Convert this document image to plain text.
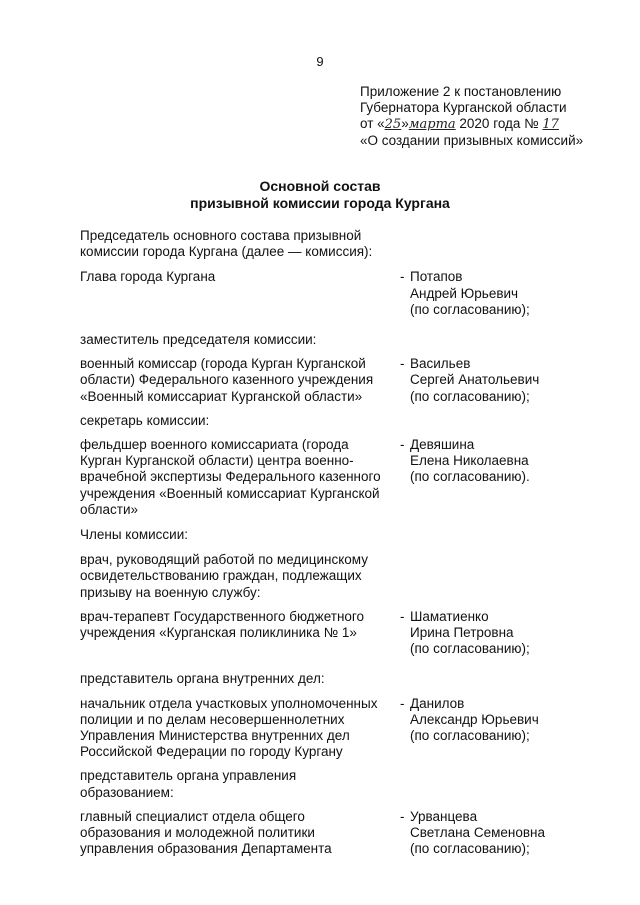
9
Приложение 2 к постановлению
Губернатора Курганской области
от «25»марта 2020 года № 17
«О создании призывных комиссий»
Основной состав
призывной комиссии города Кургана
Председатель основного состава призывной
комиссии города Кургана (далее — комиссия):
Глава города Кургана	- Потапов
Андрей Юрьевич
(по согласованию);
заместитель председателя комиссии:
военный комиссар (города Курган Курганской
области) Федерального казенного учреждения
«Военный комиссариат Курганской области»
- Васильев
Сергей Анатольевич
(по согласованию);
секретарь комиссии:
фельдшер военного комиссариата (города
Курган Курганской области) центра военно-
врачебной экспертизы Федерального казенного
учреждения «Военный комиссариат Курганской
области»
- Девяшина
Елена Николаевна
(по согласованию).
Члены комиссии:
врач, руководящий работой по медицинскому
освидетельствованию граждан, подлежащих
призыву на военную службу:
врач-терапевт Государственного бюджетного
учреждения «Курганская поликлиника № 1»
- Шаматиенко
Ирина Петровна
(по согласованию);
представитель органа внутренних дел:
начальник отдела участковых уполномоченных
полиции и по делам несовершеннолетних
Управления Министерства внутренних дел
Российской Федерации по городу Кургану
- Данилов
Александр Юрьевич
(по согласованию);
представитель органа управления
образованием:
главный специалист отдела общего
образования и молодежной политики
управления образования Департамента
- Урванцева
Светлана Семеновна
(по согласованию);
